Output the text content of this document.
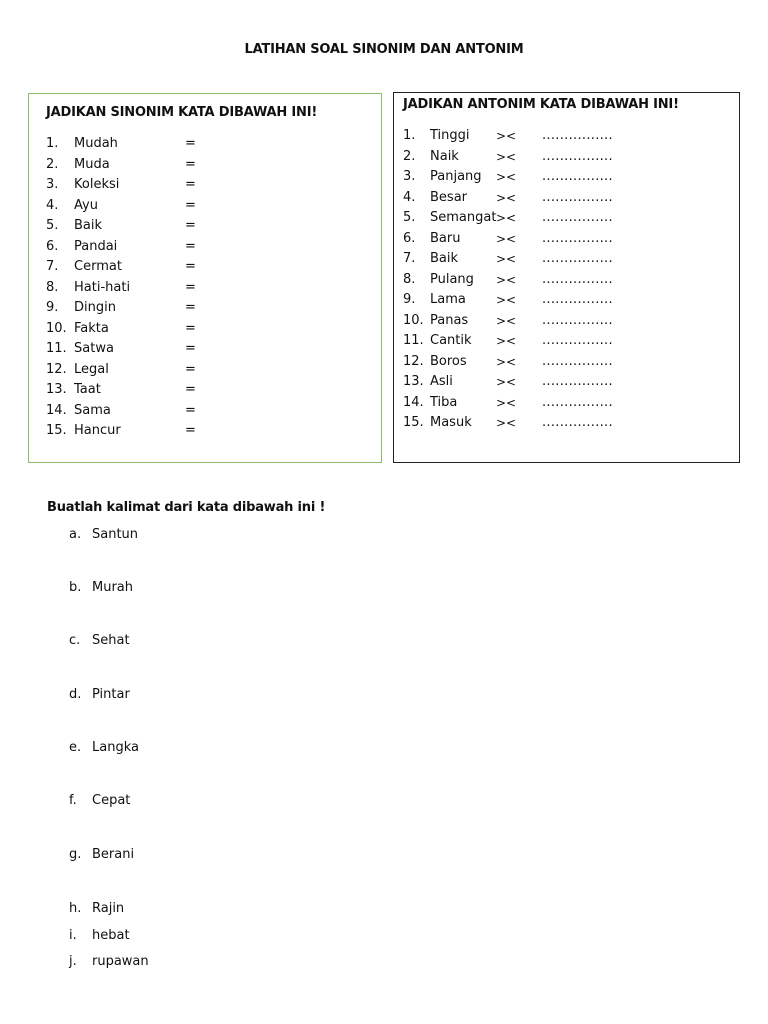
LATIHAN SOAL SINONIM DAN ANTONIM
JADIKAN SINONIM KATA DIBAWAH INI!
1. Mudah	=
2. Muda	=
3. Koleksi	=
4. Ayu	=
5. Baik	=
6. Pandai	=
7. Cermat	=
8. Hati-hati	=
9. Dingin	=
10. Fakta	=
11. Satwa	=
12. Legal	=
13. Taat	=
14. Sama	=
15. Hancur	=
JADIKAN ANTONIM KATA DIBAWAH INI!
1. Tinggi >< ................
2. Naik	>< ................
3. Panjang >< ................
4. Besar >< ................
5. Semangat >< ................
6. Baru	>< ................
7. Baik	>< ................
8. Pulang >< ................
9. Lama	>< ................
10. Panas >< ................
11. Cantik >< ................
12. Boros >< ................
13. Asli	>< ................
14. Tiba	>< ................
15. Masuk >< ................
Buatlah kalimat dari kata dibawah ini !
a. Santun
b. Murah
c. Sehat
d. Pintar
e. Langka
f. Cepat
g. Berani
h. Rajin
i. hebat
j. rupawan
